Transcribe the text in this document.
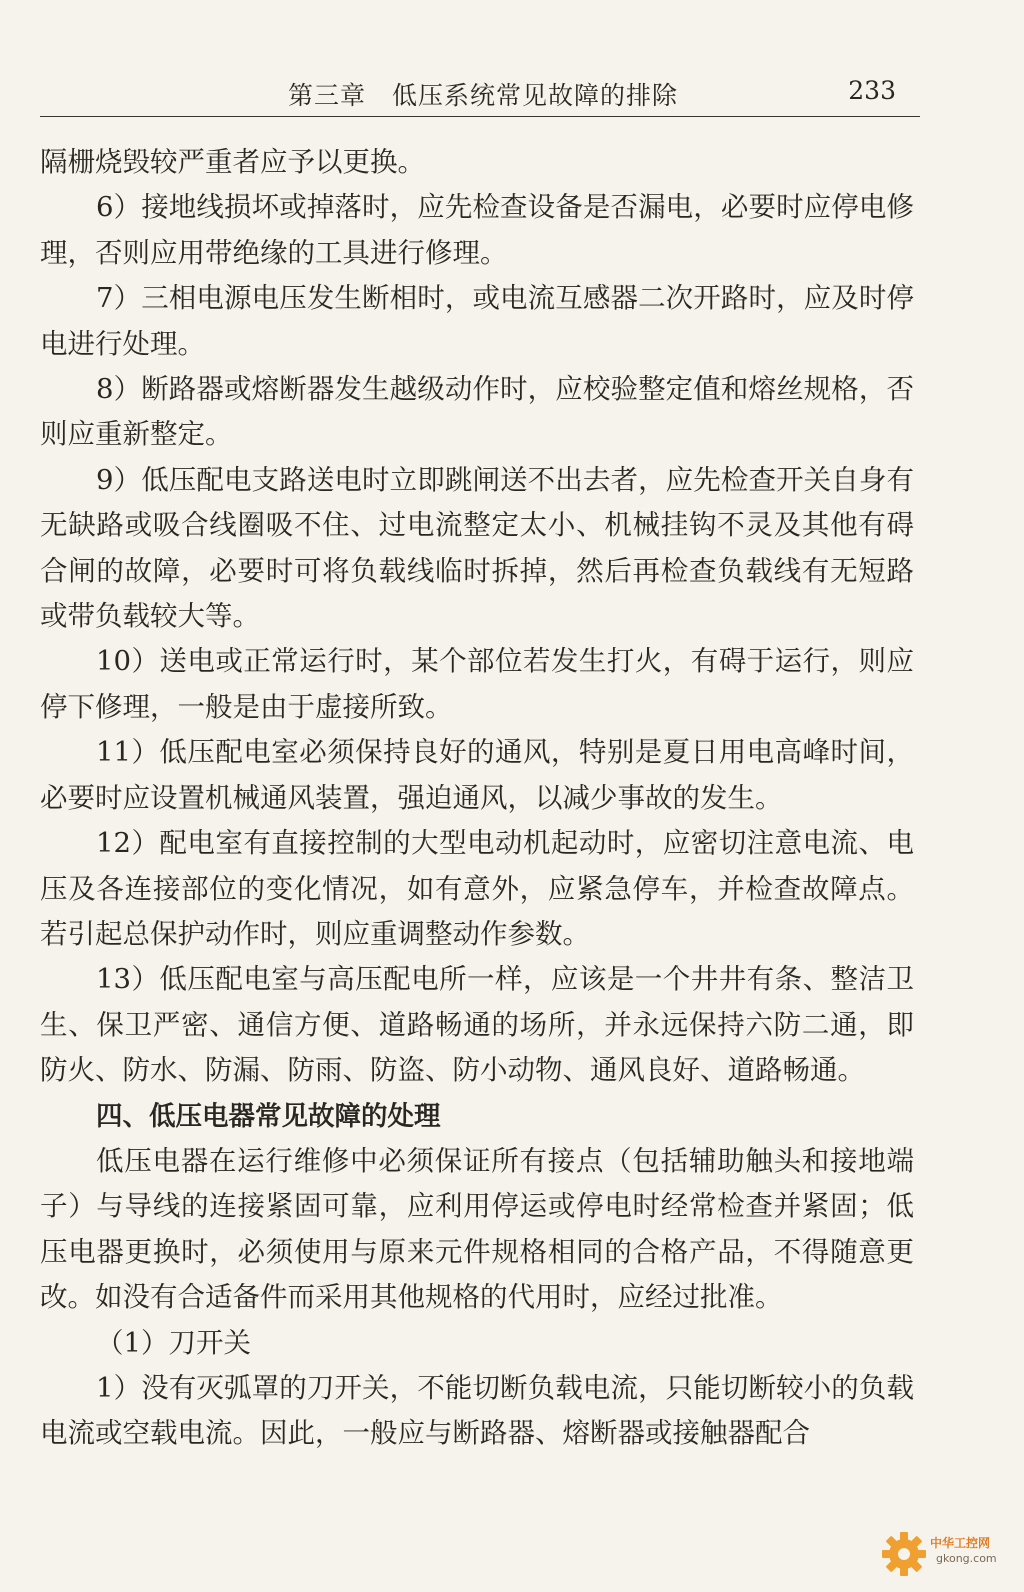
第三章　低压系统常见故障的排除	233

隔栅烧毁较严重者应予以更换。

6）接地线损坏或掉落时，应先检查设备是否漏电，必要时应停电修理，否则应用带绝缘的工具进行修理。

7）三相电源电压发生断相时，或电流互感器二次开路时，应及时停电进行处理。

8）断路器或熔断器发生越级动作时，应校验整定值和熔丝规格，否则应重新整定。

9）低压配电支路送电时立即跳闸送不出去者，应先检查开关自身有无缺路或吸合线圈吸不住、过电流整定太小、机械挂钩不灵及其他有碍合闸的故障，必要时可将负载线临时拆掉，然后再检查负载线有无短路或带负载较大等。

10）送电或正常运行时，某个部位若发生打火，有碍于运行，则应停下修理，一般是由于虚接所致。

11）低压配电室必须保持良好的通风，特别是夏日用电高峰时间，必要时应设置机械通风装置，强迫通风，以减少事故的发生。

12）配电室有直接控制的大型电动机起动时，应密切注意电流、电压及各连接部位的变化情况，如有意外，应紧急停车，并检查故障点。若引起总保护动作时，则应重调整动作参数。

13）低压配电室与高压配电所一样，应该是一个井井有条、整洁卫生、保卫严密、通信方便、道路畅通的场所，并永远保持六防二通，即防火、防水、防漏、防雨、防盗、防小动物、通风良好、道路畅通。

四、低压电器常见故障的处理

低压电器在运行维修中必须保证所有接点（包括辅助触头和接地端子）与导线的连接紧固可靠，应利用停运或停电时经常检查并紧固；低压电器更换时，必须使用与原来元件规格相同的合格产品，不得随意更改。如没有合适备件而采用其他规格的代用时，应经过批准。

（1）刀开关

1）没有灭弧罩的刀开关，不能切断负载电流，只能切断较小的负载电流或空载电流。因此，一般应与断路器、熔断器或接触器配合

中华工控网
gkong.com
